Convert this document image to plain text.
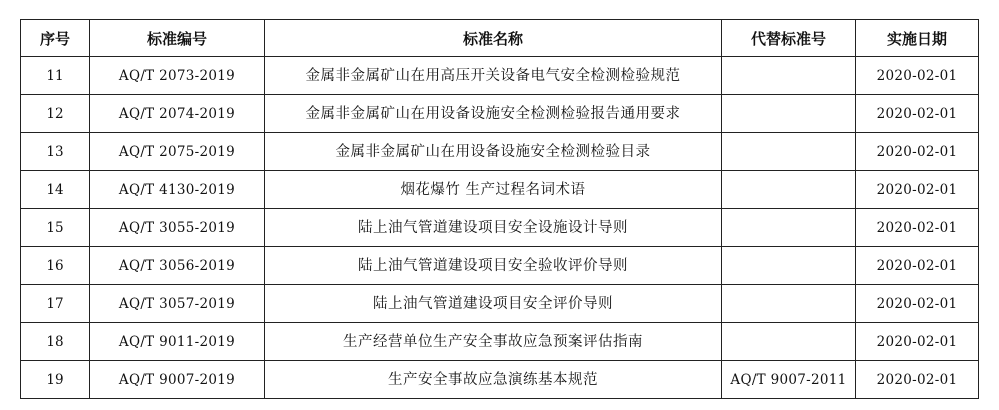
序号	标准编号	标准名称	代替标准号	实施日期
11	AQ/T 2073-2019	金属非金属矿山在用高压开关设备电气安全检测检验规范		2020-02-01
12	AQ/T 2074-2019	金属非金属矿山在用设备设施安全检测检验报告通用要求		2020-02-01
13	AQ/T 2075-2019	金属非金属矿山在用设备设施安全检测检验目录		2020-02-01
14	AQ/T 4130-2019	烟花爆竹 生产过程名词术语		2020-02-01
15	AQ/T 3055-2019	陆上油气管道建设项目安全设施设计导则		2020-02-01
16	AQ/T 3056-2019	陆上油气管道建设项目安全验收评价导则		2020-02-01
17	AQ/T 3057-2019	陆上油气管道建设项目安全评价导则		2020-02-01
18	AQ/T 9011-2019	生产经营单位生产安全事故应急预案评估指南		2020-02-01
19	AQ/T 9007-2019	生产安全事故应急演练基本规范	AQ/T 9007-2011	2020-02-01
